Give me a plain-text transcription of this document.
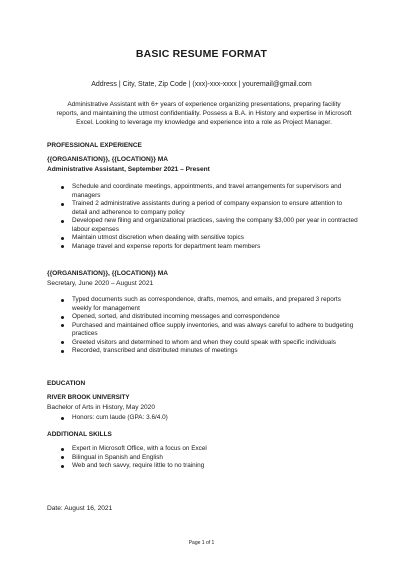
BASIC RESUME FORMAT
Address | City, State, Zip Code | (xxx)-xxx-xxxx | youremail@gmail.com
Administrative Assistant with 6+ years of experience organizing presentations, preparing facility reports, and maintaining the utmost confidentiality. Possess a B.A. in History and expertise in Microsoft Excel. Looking to leverage my knowledge and experience into a role as Project Manager.
PROFESSIONAL EXPERIENCE
{{ORGANISATION}}, {{LOCATION}} MA
Administrative Assistant, September 2021 – Present
Schedule and coordinate meetings, appointments, and travel arrangements for supervisors and managers
Trained 2 administrative assistants during a period of company expansion to ensure attention to detail and adherence to company policy
Developed new filing and organizational practices, saving the company $3,000 per year in contracted labour expenses
Maintain utmost discretion when dealing with sensitive topics
Manage travel and expense reports for department team members
{{ORGANISATION}}, {{LOCATION}} MA
Secretary, June 2020 – August 2021
Typed documents such as correspondence, drafts, memos, and emails, and prepared 3 reports weekly for management
Opened, sorted, and distributed incoming messages and correspondence
Purchased and maintained office supply inventories, and was always careful to adhere to budgeting practices
Greeted visitors and determined to whom and when they could speak with specific individuals
Recorded, transcribed and distributed minutes of meetings
EDUCATION
RIVER BROOK UNIVERSITY
Bachelor of Arts in History, May 2020
Honors: cum laude (GPA: 3.6/4.0)
ADDITIONAL SKILLS
Expert in Microsoft Office, with a focus on Excel
Bilingual in Spanish and English
Web and tech savvy, require little to no training
Date: August 16, 2021
Page 1 of 1
